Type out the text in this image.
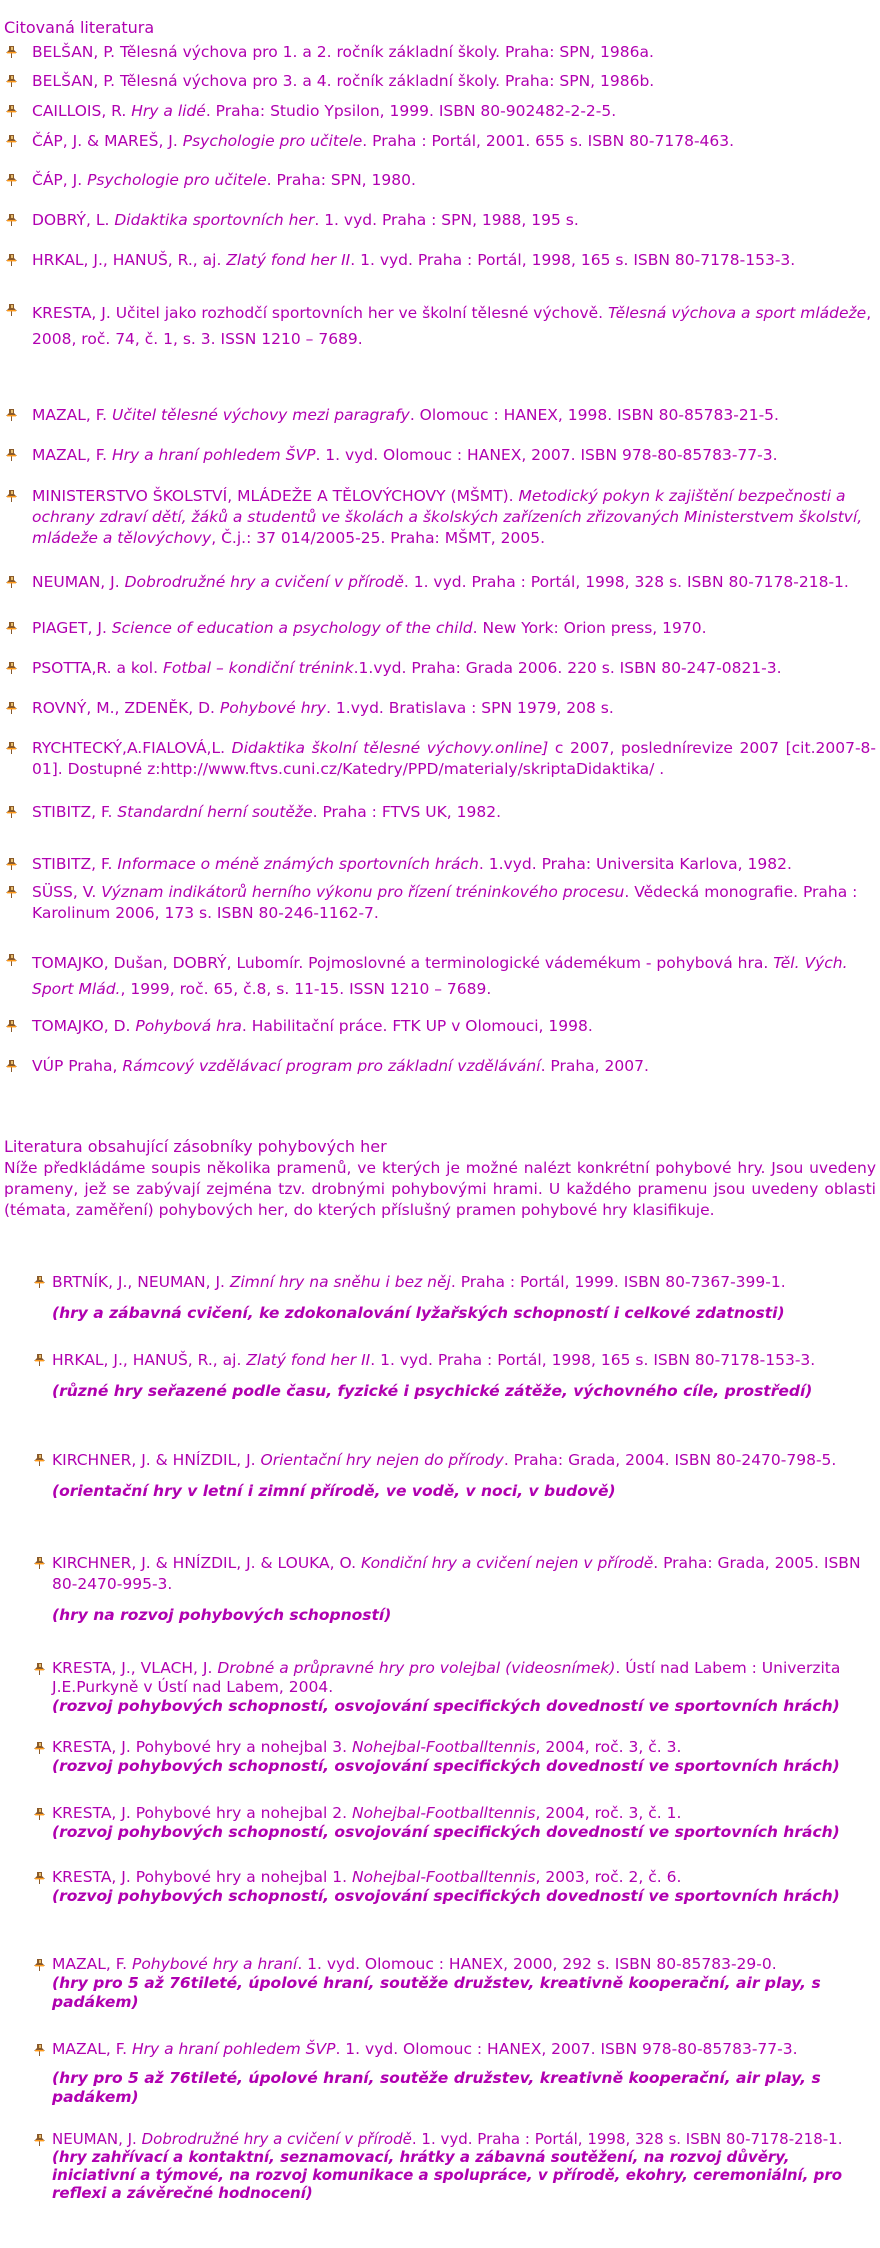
Citovaná literatura

BELŠAN, P. Tělesná výchova pro 1. a 2. ročník základní školy. Praha: SPN, 1986a.

BELŠAN, P. Tělesná výchova pro 3. a 4. ročník základní školy. Praha: SPN, 1986b.

CAILLOIS, R. Hry a lidé. Praha: Studio Ypsilon, 1999. ISBN 80-902482-2-2-5.

ČÁP, J. & MAREŠ, J. Psychologie pro učitele. Praha : Portál, 2001. 655 s. ISBN 80-7178-463.

ČÁP, J. Psychologie pro učitele. Praha: SPN, 1980.

DOBRÝ, L. Didaktika sportovních her. 1. vyd. Praha : SPN, 1988, 195 s.

HRKAL, J., HANUŠ, R., aj. Zlatý fond her II. 1. vyd. Praha : Portál, 1998, 165 s. ISBN 80-7178-153-3.

KRESTA, J. Učitel jako rozhodčí sportovních her ve školní tělesné výchově. Tělesná výchova a sport mládeže, 2008, roč. 74, č. 1, s. 3. ISSN 1210 – 7689.

MAZAL, F. Učitel tělesné výchovy mezi paragrafy. Olomouc : HANEX, 1998. ISBN 80-85783-21-5.

MAZAL, F. Hry a hraní pohledem ŠVP. 1. vyd. Olomouc : HANEX, 2007. ISBN 978-80-85783-77-3.

MINISTERSTVO ŠKOLSTVÍ, MLÁDEŽE A TĚLOVÝCHOVY (MŠMT). Metodický pokyn k zajištění bezpečnosti a ochrany zdraví dětí, žáků a studentů ve školách a školských zařízeních zřizovaných Ministerstvem školství, mládeže a tělovýchovy, Č.j.: 37 014/2005-25. Praha: MŠMT, 2005.

NEUMAN, J. Dobrodružné hry a cvičení v přírodě. 1. vyd. Praha : Portál, 1998, 328 s. ISBN 80-7178-218-1.

PIAGET, J. Science of education a psychology of the child. New York: Orion press, 1970.

PSOTTA,R. a kol. Fotbal – kondiční trénink.1.vyd. Praha: Grada 2006. 220 s. ISBN 80-247-0821-3.

ROVNÝ, M., ZDENĚK, D. Pohybové hry. 1.vyd. Bratislava : SPN 1979, 208 s.

RYCHTECKÝ,A.FIALOVÁ,L. Didaktika školní tělesné výchovy.online] c 2007, poslednírevize 2007 [cit.2007-8-01]. Dostupné z:http://www.ftvs.cuni.cz/Katedry/PPD/materialy/skriptaDidaktika/ .

STIBITZ, F. Standardní herní soutěže. Praha : FTVS UK, 1982.

STIBITZ, F. Informace o méně známých sportovních hrách. 1.vyd. Praha: Universita Karlova, 1982.

SÜSS, V. Význam indikátorů herního výkonu pro řízení tréninkového procesu. Vědecká monografie. Praha : Karolinum 2006, 173 s. ISBN 80-246-1162-7.

TOMAJKO, Dušan, DOBRÝ, Lubomír. Pojmoslovné a terminologické vádemékum - pohybová hra. Těl. Vých. Sport Mlád., 1999, roč. 65, č.8, s. 11-15. ISSN 1210 – 7689.

TOMAJKO, D. Pohybová hra. Habilitační práce. FTK UP v Olomouci, 1998.

VÚP Praha, Rámcový vzdělávací program pro základní vzdělávání. Praha, 2007.

Literatura obsahující zásobníky pohybových her

Níže předkládáme soupis několika pramenů, ve kterých je možné nalézt konkrétní pohybové hry. Jsou uvedeny prameny, jež se zabývají zejména tzv. drobnými pohybovými hrami. U každého pramenu jsou uvedeny oblasti (témata, zaměření) pohybových her, do kterých příslušný pramen pohybové hry klasifikuje.

BRTNÍK, J., NEUMAN, J. Zimní hry na sněhu i bez něj. Praha : Portál, 1999. ISBN 80-7367-399-1.
(hry a zábavná cvičení, ke zdokonalování lyžařských schopností i celkové zdatnosti)

HRKAL, J., HANUŠ, R., aj. Zlatý fond her II. 1. vyd. Praha : Portál, 1998, 165 s. ISBN 80-7178-153-3.
(různé hry seřazené podle času, fyzické i psychické zátěže, výchovného cíle, prostředí)

KIRCHNER, J. & HNÍZDIL, J. Orientační hry nejen do přírody. Praha: Grada, 2004. ISBN 80-2470-798-5.
(orientační hry v letní i zimní přírodě, ve vodě, v noci, v budově)

KIRCHNER, J. & HNÍZDIL, J. & LOUKA, O. Kondiční hry a cvičení nejen v přírodě. Praha: Grada, 2005. ISBN 80-2470-995-3.
(hry na rozvoj pohybových schopností)

KRESTA, J., VLACH, J. Drobné a průpravné hry pro volejbal (videosnímek). Ústí nad Labem : Univerzita J.E.Purkyně v Ústí nad Labem, 2004.
(rozvoj pohybových schopností, osvojování specifických dovedností ve sportovních hrách)

KRESTA, J. Pohybové hry a nohejbal 3. Nohejbal-Footballtennis, 2004, roč. 3, č. 3.
(rozvoj pohybových schopností, osvojování specifických dovedností ve sportovních hrách)

KRESTA, J. Pohybové hry a nohejbal 2. Nohejbal-Footballtennis, 2004, roč. 3, č. 1.
(rozvoj pohybových schopností, osvojování specifických dovedností ve sportovních hrách)

KRESTA, J. Pohybové hry a nohejbal 1. Nohejbal-Footballtennis, 2003, roč. 2, č. 6.
(rozvoj pohybových schopností, osvojování specifických dovedností ve sportovních hrách)

MAZAL, F. Pohybové hry a hraní. 1. vyd. Olomouc : HANEX, 2000, 292 s. ISBN 80-85783-29-0.
(hry pro 5 až 76tileté, úpolové hraní, soutěže družstev, kreativně kooperační, air play, s padákem)

MAZAL, F. Hry a hraní pohledem ŠVP. 1. vyd. Olomouc : HANEX, 2007. ISBN 978-80-85783-77-3.
(hry pro 5 až 76tileté, úpolové hraní, soutěže družstev, kreativně kooperační, air play, s padákem)

NEUMAN, J. Dobrodružné hry a cvičení v přírodě. 1. vyd. Praha : Portál, 1998, 328 s. ISBN 80-7178-218-1.
(hry zahřívací a kontaktní, seznamovací, hrátky a zábavná soutěžení, na rozvoj důvěry, iniciativní a týmové, na rozvoj komunikace a spolupráce, v přírodě, ekohry, ceremoniální, pro reflexi a závěrečné hodnocení)
